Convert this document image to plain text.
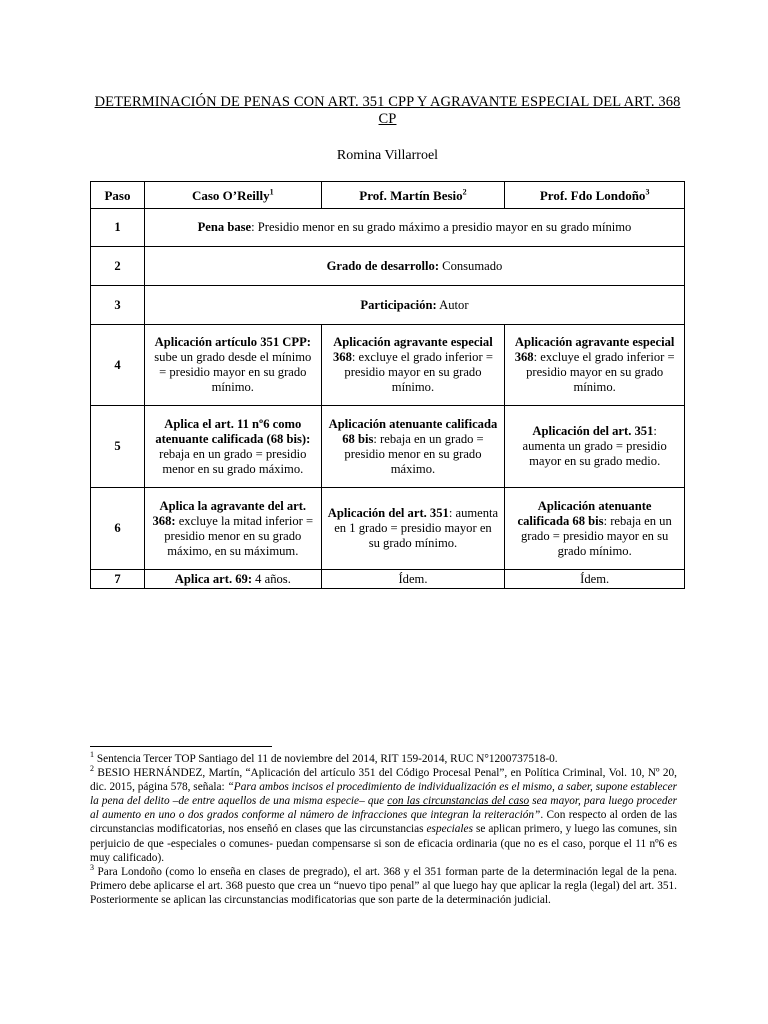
DETERMINACIÓN DE PENAS CON ART. 351 CPP Y AGRAVANTE ESPECIAL DEL ART. 368 CP
Romina Villarroel
Paso	Caso O’Reilly$^1$	Prof. Martín Besio$^2$	Prof. Fdo Londoño$^3$
1	Pena base: Presidio menor en su grado máximo a presidio mayor en su grado mínimo		
2	Grado de desarrollo: Consumado		
3	Participación: Autor		
4	Aplicación artículo 351 CPP: sube un grado desde el mínimo = presidio mayor en su grado mínimo.	Aplicación agravante especial 368: excluye el grado inferior = presidio mayor en su grado mínimo.	Aplicación agravante especial 368: excluye el grado inferior = presidio mayor en su grado mínimo.
5	Aplica el art. 11 nº6 como atenuante calificada (68 bis): rebaja en un grado = presidio menor en su grado máximo.	Aplicación atenuante calificada 68 bis: rebaja en un grado = presidio menor en su grado máximo.	Aplicación del art. 351: aumenta un grado = presidio mayor en su grado medio.
6	Aplica la agravante del art. 368: excluye la mitad inferior = presidio menor en su grado máximo, en su máximum.	Aplicación del art. 351: aumenta en 1 grado = presidio mayor en su grado mínimo.	Aplicación atenuante calificada 68 bis: rebaja en un grado = presidio mayor en su grado mínimo.
7	Aplica art. 69: 4 años.	Ídem.	Ídem.

$^1$ Sentencia Tercer TOP Santiago del 11 de noviembre del 2014, RIT 159-2014, RUC N°1200737518-0.

$^2$ BESIO HERNÁNDEZ, Martín, “Aplicación del artículo 351 del Código Procesal Penal”, en Política Criminal, Vol. 10, Nº 20, dic. 2015, página 578, señala: “Para ambos incisos el procedimiento de individualización es el mismo, a saber, supone establecer la pena del delito –de entre aquellos de una misma especie– que con las circunstancias del caso sea mayor, para luego proceder al aumento en uno o dos grados conforme al número de infracciones que integran la reiteración”. Con respecto al orden de las circunstancias modificatorias, nos enseñó en clases que las circunstancias especiales se aplican primero, y luego las comunes, sin perjuicio de que -especiales o comunes- puedan compensarse si son de eficacia ordinaria (que no es el caso, porque el 11 nº6 es muy calificado).

$^3$ Para Londoño (como lo enseña en clases de pregrado), el art. 368 y el 351 forman parte de la determinación legal de la pena. Primero debe aplicarse el art. 368 puesto que crea un “nuevo tipo penal” al que luego hay que aplicar la regla (legal) del art. 351. Posteriormente se aplican las circunstancias modificatorias que son parte de la determinación judicial.
